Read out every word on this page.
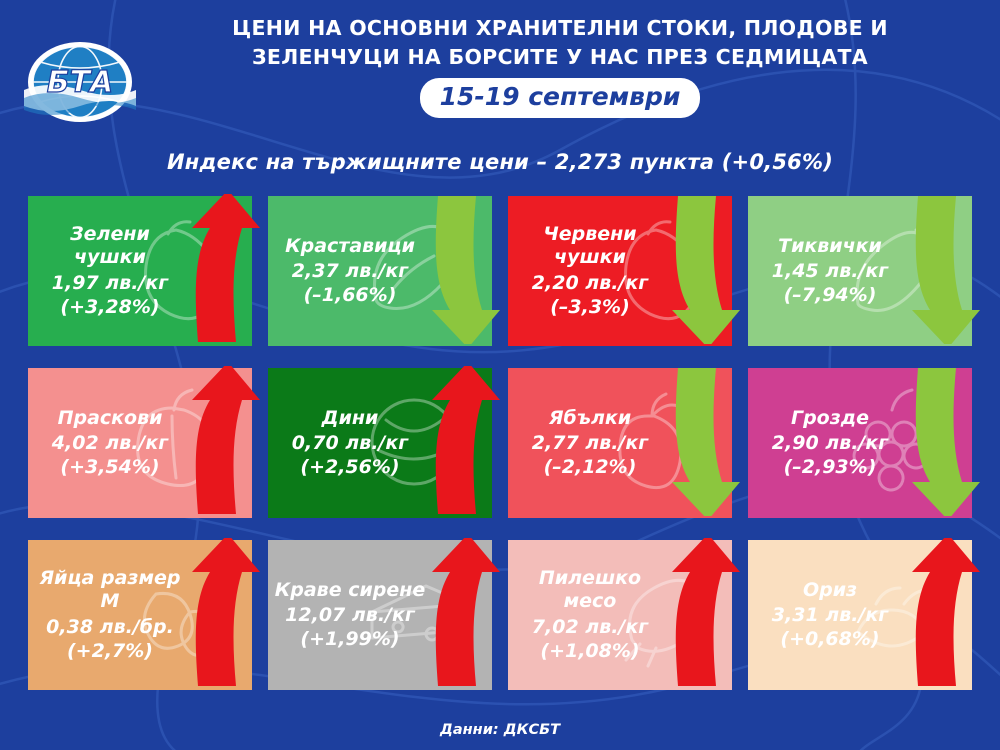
БТА
ЦЕНИ НА ОСНОВНИ ХРАНИТЕЛНИ СТОКИ, ПЛОДОВЕ И
ЗЕЛЕНЧУЦИ НА БОРСИТЕ У НАС ПРЕЗ СЕДМИЦАТА
15-19 септември
Индекс на тържищните цени – 2,273 пункта (+0,56%)
Зелени чушки
1,97 лв./кг
(+3,28%)
Краставици
2,37 лв./кг
(–1,66%)
Червени чушки
2,20 лв./кг
(–3,3%)
Тиквички
1,45 лв./кг
(–7,94%)
Праскови
4,02 лв./кг
(+3,54%)
Дини
0,70 лв./кг
(+2,56%)
Ябълки
2,77 лв./кг
(–2,12%)
Грозде
2,90 лв./кг
(–2,93%)
Яйца размер М
0,38 лв./бр.
(+2,7%)
Краве сирене
12,07 лв./кг
(+1,99%)
Пилешко месо
7,02 лв./кг
(+1,08%)
Ориз
3,31 лв./кг
(+0,68%)
Данни: ДКСБТ
